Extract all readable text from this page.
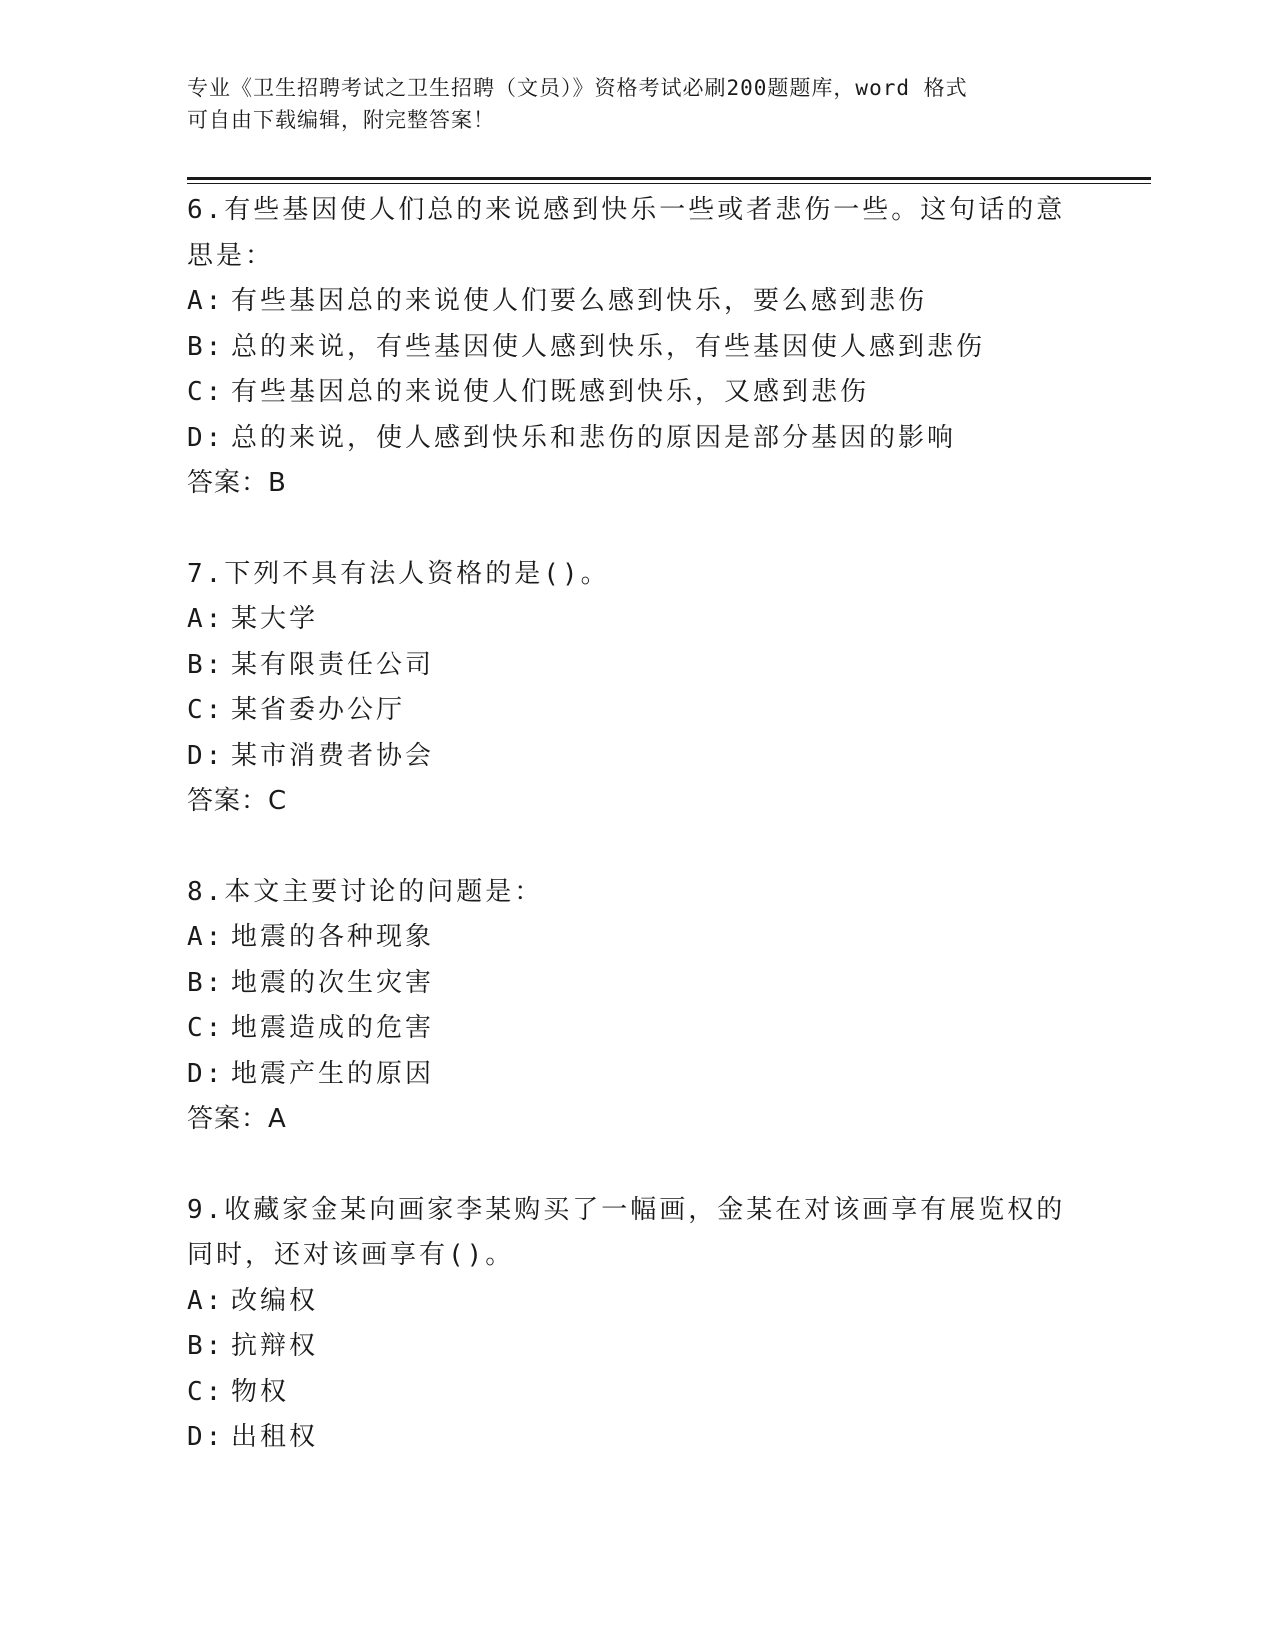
专业《卫生招聘考试之卫生招聘（文员）》资格考试必刷200题题库，word 格式
可自由下载编辑，附完整答案！
6.有些基因使人们总的来说感到快乐一些或者悲伤一些。这句话的意
思是：
A: 有些基因总的来说使人们要么感到快乐，要么感到悲伤
B: 总的来说，有些基因使人感到快乐，有些基因使人感到悲伤
C: 有些基因总的来说使人们既感到快乐，又感到悲伤
D: 总的来说，使人感到快乐和悲伤的原因是部分基因的影响
答案：B
7.下列不具有法人资格的是()。
A: 某大学
B: 某有限责任公司
C: 某省委办公厅
D: 某市消费者协会
答案：C
8.本文主要讨论的问题是：
A: 地震的各种现象
B: 地震的次生灾害
C: 地震造成的危害
D: 地震产生的原因
答案：A
9.收藏家金某向画家李某购买了一幅画，金某在对该画享有展览权的
同时，还对该画享有()。
A: 改编权
B: 抗辩权
C: 物权
D: 出租权
